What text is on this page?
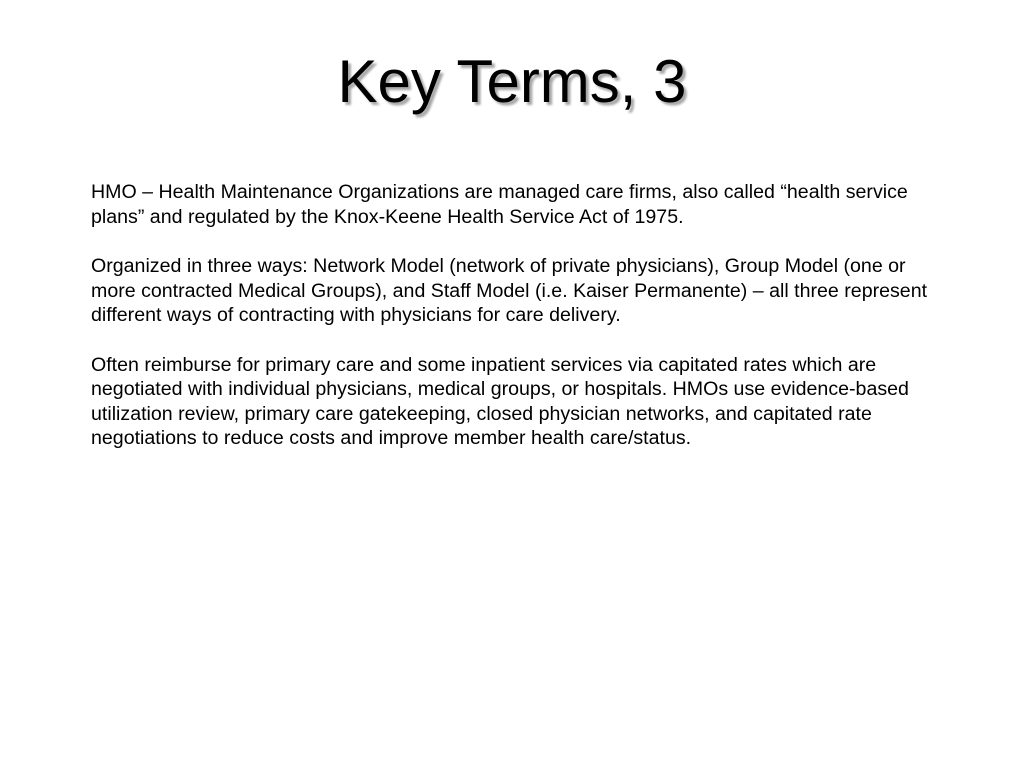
Key Terms, 3

HMO – Health Maintenance Organizations are managed care firms, also called “health service plans” and regulated by the Knox-Keene Health Service Act of 1975.

Organized in three ways: Network Model (network of private physicians), Group Model (one or more contracted Medical Groups), and Staff Model (i.e. Kaiser Permanente) – all three represent different ways of contracting with physicians for care delivery.

Often reimburse for primary care and some inpatient services via capitated rates which are negotiated with individual physicians, medical groups, or hospitals. HMOs use evidence-based utilization review, primary care gatekeeping, closed physician networks, and capitated rate negotiations to reduce costs and improve member health care/status.
